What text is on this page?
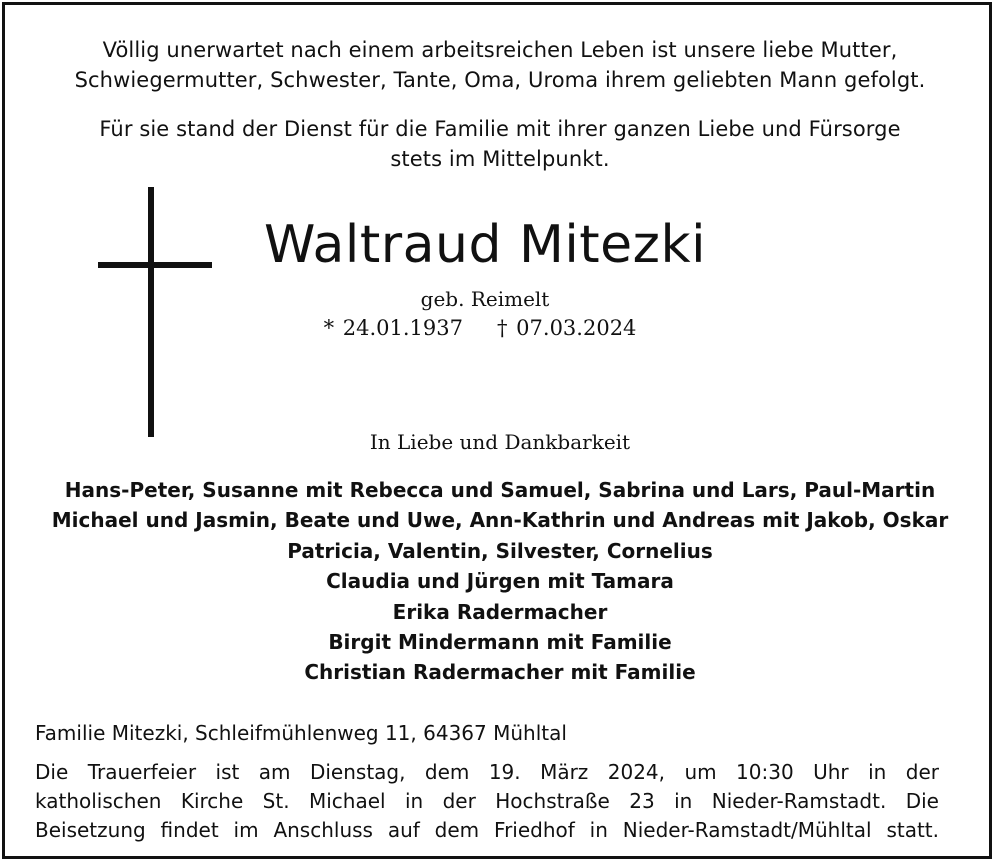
Völlig unerwartet nach einem arbeitsreichen Leben ist unsere liebe Mutter,
Schwiegermutter, Schwester, Tante, Oma, Uroma ihrem geliebten Mann gefolgt.
Für sie stand der Dienst für die Familie mit ihrer ganzen Liebe und Fürsorge
stets im Mittelpunkt.
Waltraud Mitezki
geb. Reimelt
* 24.01.1937 † 07.03.2024
In Liebe und Dankbarkeit
Hans-Peter, Susanne mit Rebecca und Samuel, Sabrina und Lars, Paul-Martin
Michael und Jasmin, Beate und Uwe, Ann-Kathrin und Andreas mit Jakob, Oskar
Patricia, Valentin, Silvester, Cornelius
Claudia und Jürgen mit Tamara
Erika Radermacher
Birgit Mindermann mit Familie
Christian Radermacher mit Familie
Familie Mitezki, Schleifmühlenweg 11, 64367 Mühltal
Die Trauerfeier ist am Dienstag, dem 19. März 2024, um 10:30 Uhr in der
katholischen Kirche St. Michael in der Hochstraße 23 in Nieder-Ramstadt. Die
Beisetzung findet im Anschluss auf dem Friedhof in Nieder-Ramstadt/Mühltal statt.
